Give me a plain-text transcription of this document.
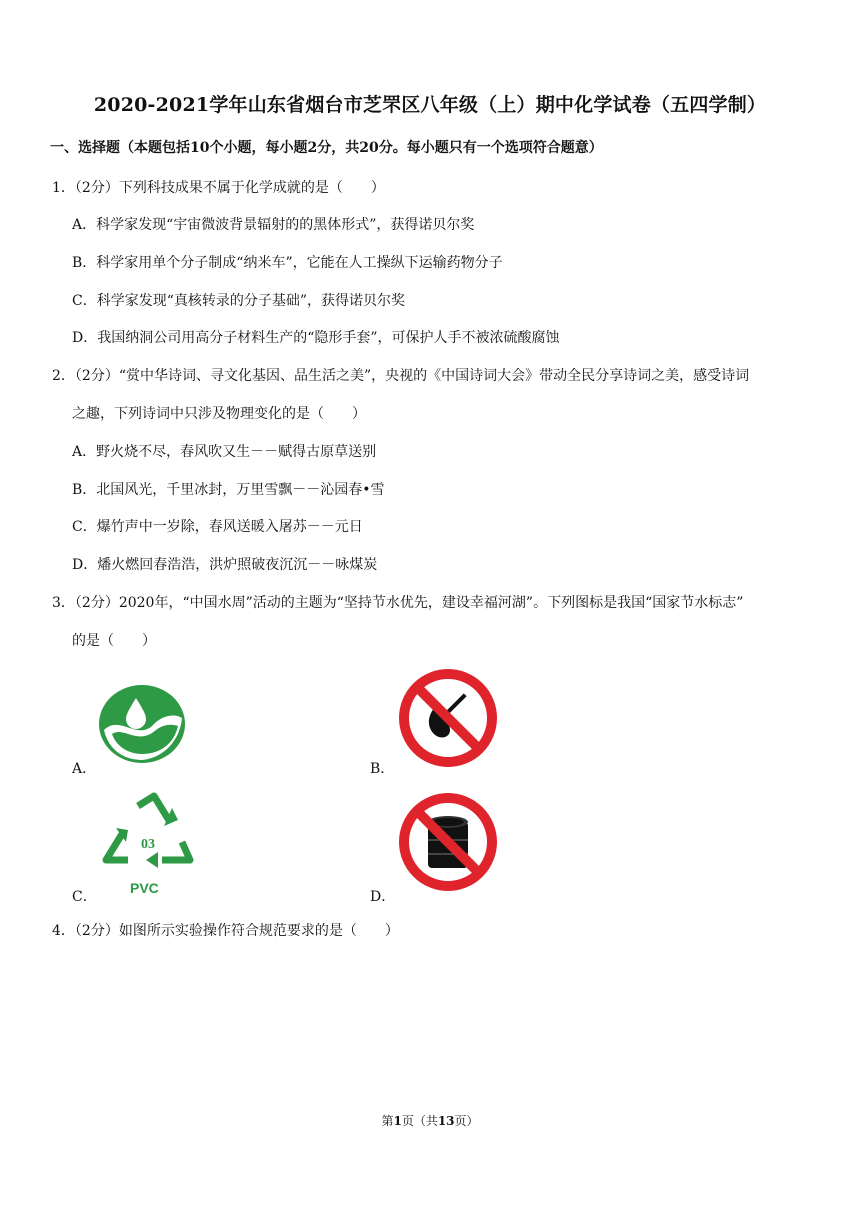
2020-2021学年山东省烟台市芝罘区八年级（上）期中化学试卷（五四学制）
一、选择题（本题包括10个小题，每小题2分，共20分。每小题只有一个选项符合题意）
1．（2分）下列科技成果不属于化学成就的是（　　）
A．科学家发现“宇宙微波背景辐射的的黑体形式”，获得诺贝尔奖
B．科学家用单个分子制成“纳米车”，它能在人工操纵下运输药物分子
C．科学家发现“真核转录的分子基础”，获得诺贝尔奖
D．我国纳洞公司用高分子材料生产的“隐形手套”，可保护人手不被浓硫酸腐蚀
2．（2分）“赏中华诗词、寻文化基因、品生活之美”，央视的《中国诗词大会》带动全民分享诗词之美，感受诗词
之趣，下列诗词中只涉及物理变化的是（　　）
A．野火烧不尽，春风吹又生－－赋得古原草送别
B．北国风光，千里冰封，万里雪飘－－沁园春•雪
C．爆竹声中一岁除，春风送暖入屠苏－－元日
D．燔火燃回春浩浩，洪炉照破夜沉沉－－咏煤炭
3．（2分）2020年，“中国水周”活动的主题为“坚持节水优先，建设幸福河湖”。下列图标是我国“国家节水标志”
的是（　　）
A．	B．
C．
03
PVC
D．
4．（2分）如图所示实验操作符合规范要求的是（　　）
第1页（共13页）
